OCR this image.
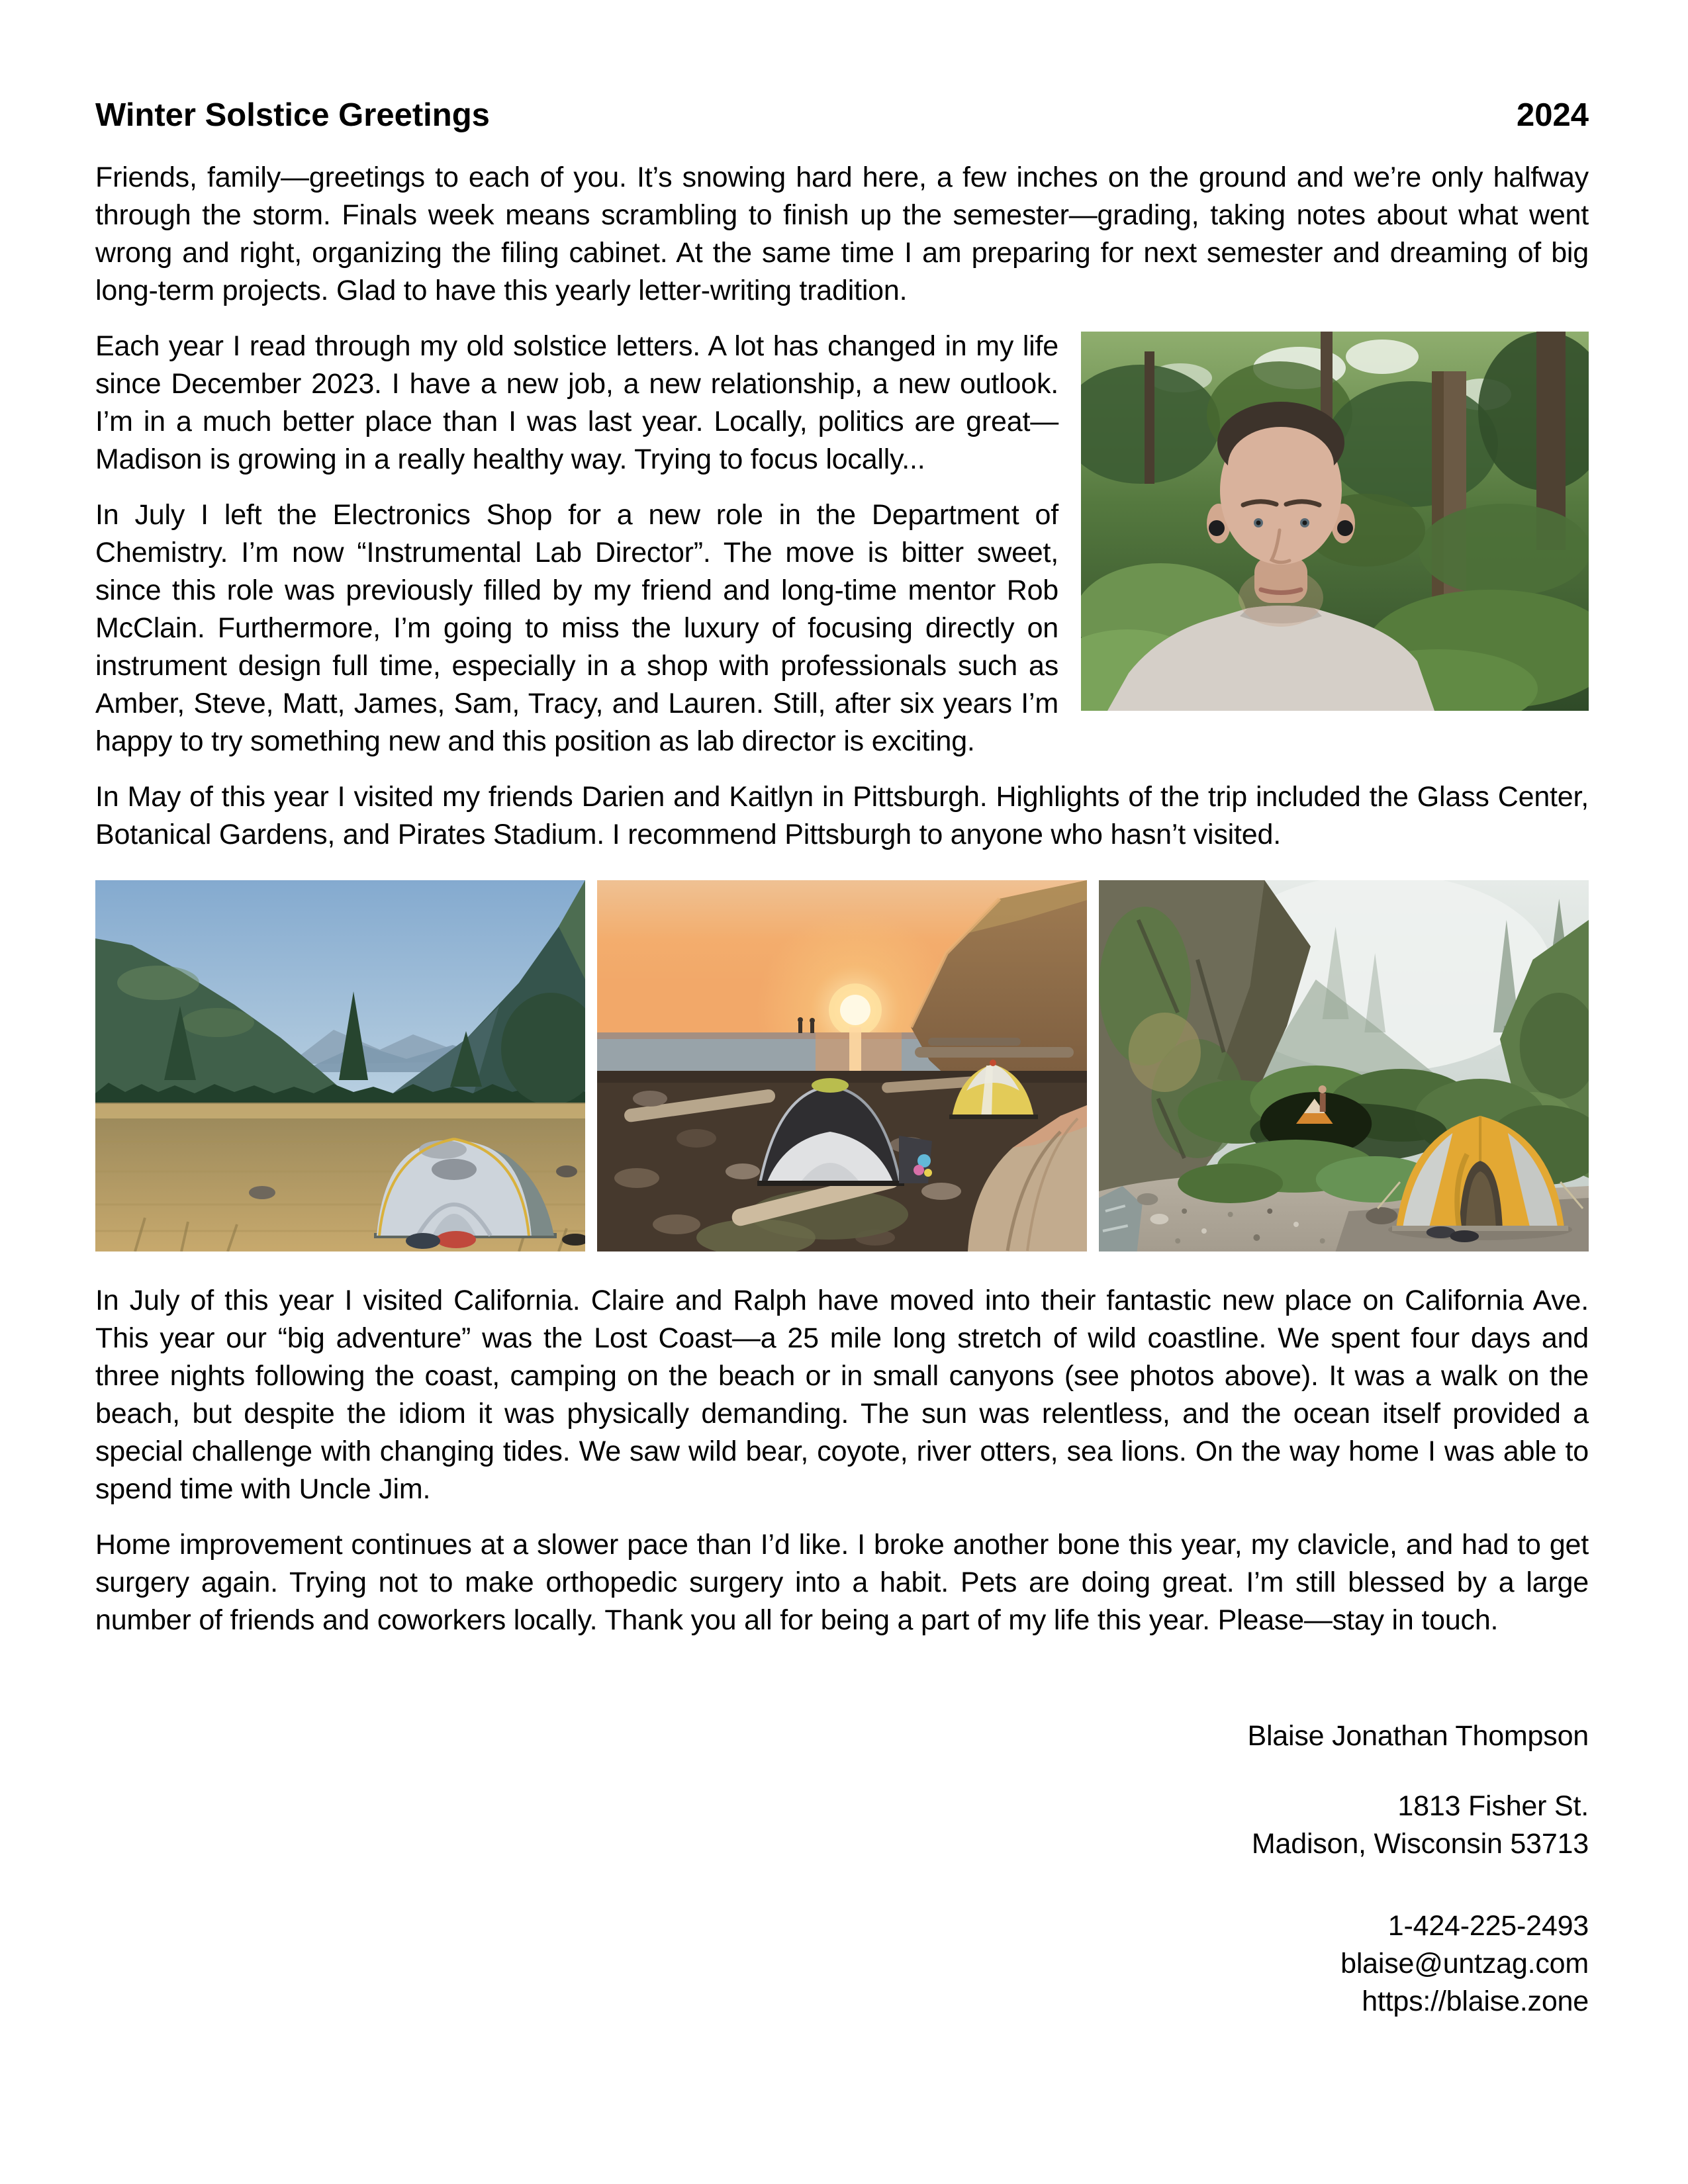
Winter Solstice Greetings	2024

Friends, family—greetings to each of you. It’s snowing hard here, a few inches on the ground and we’re only halfway through the storm. Finals week means scrambling to finish up the semester—grading, taking notes about what went wrong and right, organizing the filing cabinet. At the same time I am preparing for next semester and dreaming of big long-term projects. Glad to have this yearly letter-writing tradition.

Each year I read through my old solstice letters. A lot has changed in my life since December 2023. I have a new job, a new relationship, a new outlook. I’m in a much better place than I was last year. Locally, politics are great—Madison is growing in a really healthy way. Trying to focus locally...

In July I left the Electronics Shop for a new role in the Department of Chemistry. I’m now “Instrumental Lab Director”. The move is bitter sweet, since this role was previously filled by my friend and long-time mentor Rob McClain. Furthermore, I’m going to miss the luxury of focusing directly on instrument design full time, especially in a shop with professionals such as Amber, Steve, Matt, James, Sam, Tracy, and Lauren. Still, after six years I’m happy to try something new and this position as lab director is exciting.

In May of this year I visited my friends Darien and Kaitlyn in Pittsburgh. Highlights of the trip included the Glass Center, Botanical Gardens, and Pirates Stadium. I recommend Pittsburgh to anyone who hasn’t visited.

In July of this year I visited California. Claire and Ralph have moved into their fantastic new place on California Ave. This year our “big adventure” was the Lost Coast—a 25 mile long stretch of wild coastline. We spent four days and three nights following the coast, camping on the beach or in small canyons (see photos above). It was a walk on the beach, but despite the idiom it was physically demanding. The sun was relentless, and the ocean itself provided a special challenge with changing tides. We saw wild bear, coyote, river otters, sea lions. On the way home I was able to spend time with Uncle Jim.

Home improvement continues at a slower pace than I’d like. I broke another bone this year, my clavicle, and had to get surgery again. Trying not to make orthopedic surgery into a habit. Pets are doing great. I’m still blessed by a large number of friends and coworkers locally. Thank you all for being a part of my life this year. Please—stay in touch.

Blaise Jonathan Thompson
1813 Fisher St.
Madison, Wisconsin 53713
1-424-225-2493
blaise@untzag.com
https://blaise.zone
